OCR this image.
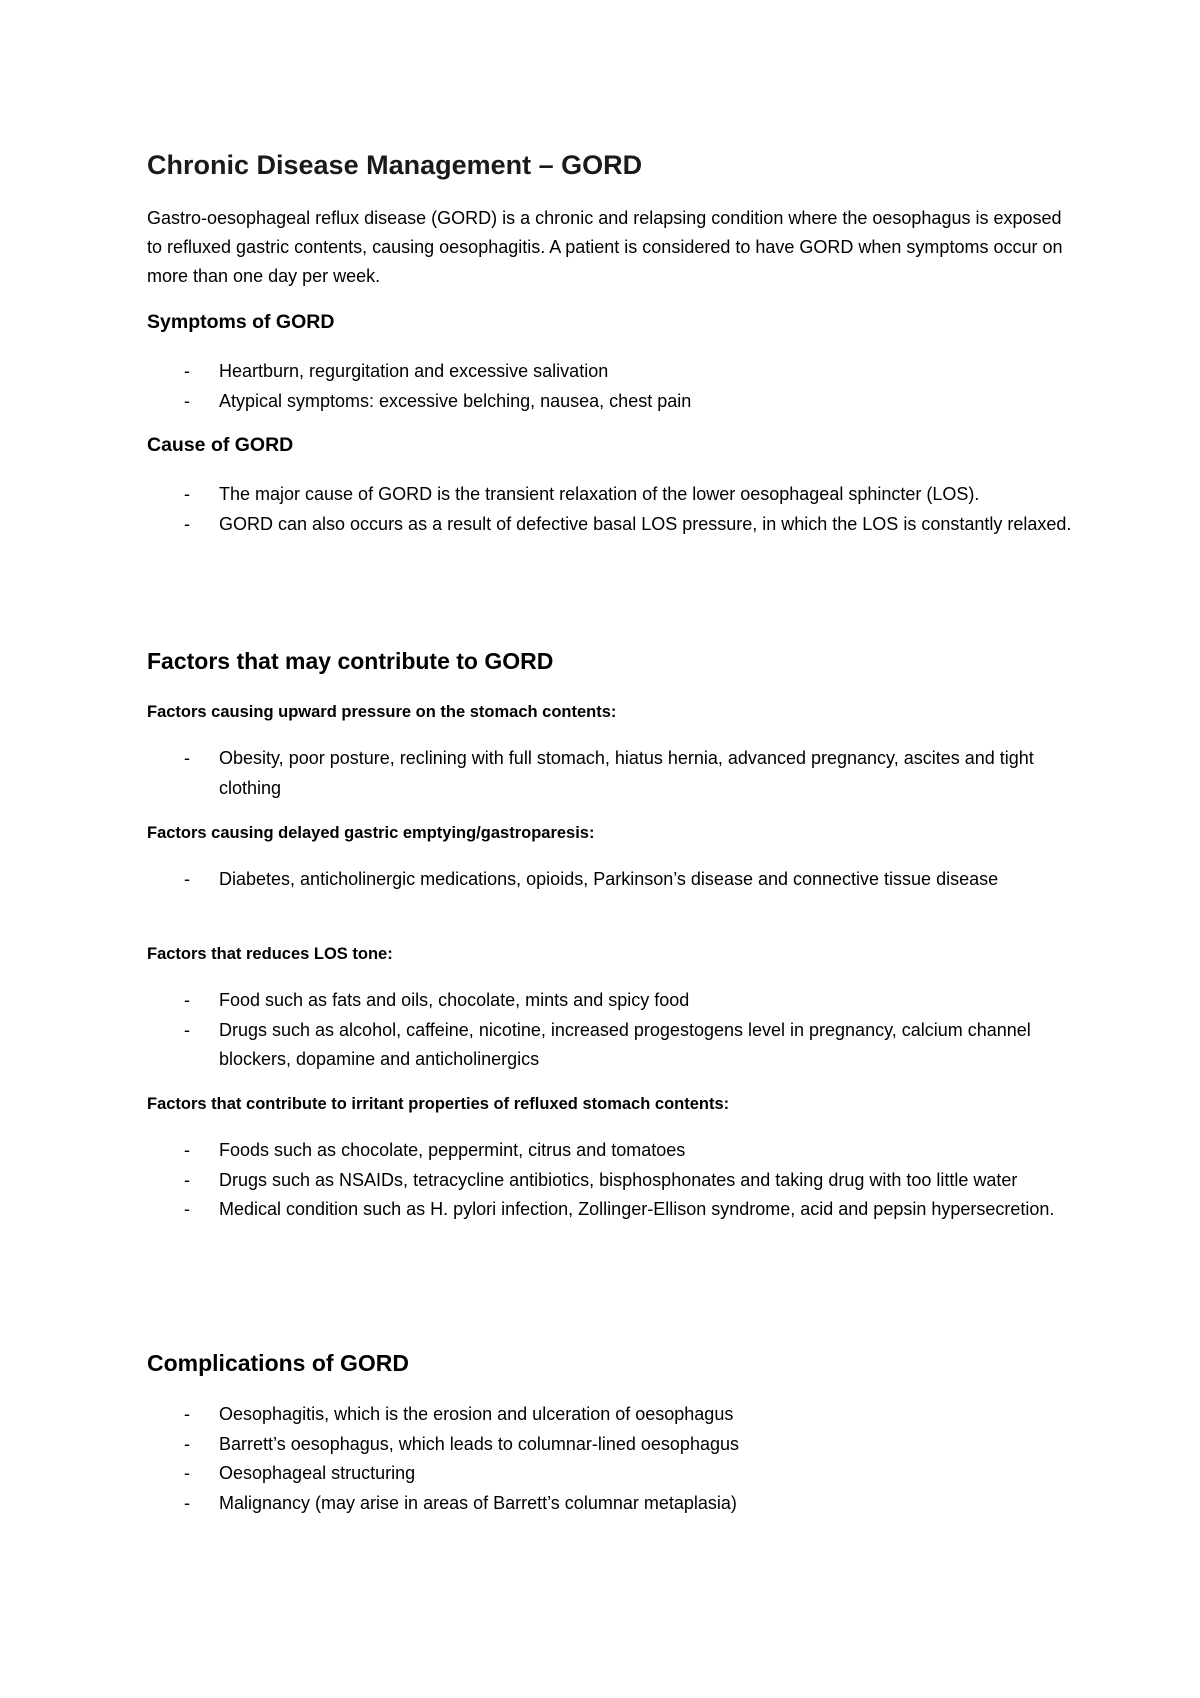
Chronic Disease Management – GORD

Gastro-oesophageal reflux disease (GORD) is a chronic and relapsing condition where the oesophagus is exposed to refluxed gastric contents, causing oesophagitis. A patient is considered to have GORD when symptoms occur on more than one day per week.

Symptoms of GORD
- Heartburn, regurgitation and excessive salivation
- Atypical symptoms: excessive belching, nausea, chest pain
Cause of GORD
- The major cause of GORD is the transient relaxation of the lower oesophageal sphincter (LOS).
- GORD can also occurs as a result of defective basal LOS pressure, in which the LOS is constantly relaxed.
Factors that may contribute to GORD
Factors causing upward pressure on the stomach contents:
- Obesity, poor posture, reclining with full stomach, hiatus hernia, advanced pregnancy, ascites and tight clothing
Factors causing delayed gastric emptying/gastroparesis:
- Diabetes, anticholinergic medications, opioids, Parkinson’s disease and connective tissue disease
Factors that reduces LOS tone:
- Food such as fats and oils, chocolate, mints and spicy food
- Drugs such as alcohol, caffeine, nicotine, increased progestogens level in pregnancy, calcium channel blockers, dopamine and anticholinergics
Factors that contribute to irritant properties of refluxed stomach contents:
- Foods such as chocolate, peppermint, citrus and tomatoes
- Drugs such as NSAIDs, tetracycline antibiotics, bisphosphonates and taking drug with too little water
- Medical condition such as H. pylori infection, Zollinger-Ellison syndrome, acid and pepsin hypersecretion.
Complications of GORD
- Oesophagitis, which is the erosion and ulceration of oesophagus
- Barrett’s oesophagus, which leads to columnar-lined oesophagus
- Oesophageal structuring
- Malignancy (may arise in areas of Barrett’s columnar metaplasia)
